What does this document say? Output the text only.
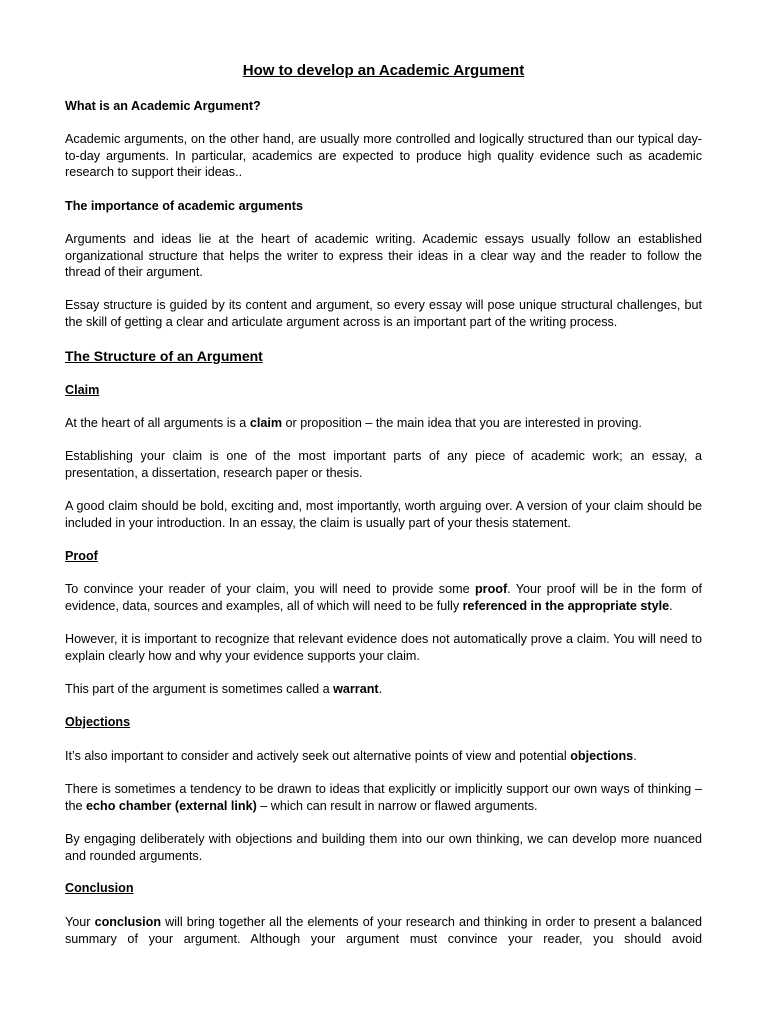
How to develop an Academic Argument

What is an Academic Argument?

Academic arguments, on the other hand, are usually more controlled and logically structured than our typical day-to-day arguments. In particular, academics are expected to produce high quality evidence such as academic research to support their ideas..

The importance of academic arguments

Arguments and ideas lie at the heart of academic writing. Academic essays usually follow an established organizational structure that helps the writer to express their ideas in a clear way and the reader to follow the thread of their argument.

Essay structure is guided by its content and argument, so every essay will pose unique structural challenges, but the skill of getting a clear and articulate argument across is an important part of the writing process.

The Structure of an Argument

Claim

At the heart of all arguments is a claim or proposition – the main idea that you are interested in proving.

Establishing your claim is one of the most important parts of any piece of academic work; an essay, a presentation, a dissertation, research paper or thesis.

A good claim should be bold, exciting and, most importantly, worth arguing over. A version of your claim should be included in your introduction. In an essay, the claim is usually part of your thesis statement.

Proof

To convince your reader of your claim, you will need to provide some proof. Your proof will be in the form of evidence, data, sources and examples, all of which will need to be fully referenced in the appropriate style.

However, it is important to recognize that relevant evidence does not automatically prove a claim. You will need to explain clearly how and why your evidence supports your claim.

This part of the argument is sometimes called a warrant.

Objections

It’s also important to consider and actively seek out alternative points of view and potential objections.

There is sometimes a tendency to be drawn to ideas that explicitly or implicitly support our own ways of thinking – the echo chamber (external link) – which can result in narrow or flawed arguments.

By engaging deliberately with objections and building them into our own thinking, we can develop more nuanced and rounded arguments.

Conclusion

Your conclusion will bring together all the elements of your research and thinking in order to present a balanced summary of your argument. Although your argument must convince your reader, you should avoid
